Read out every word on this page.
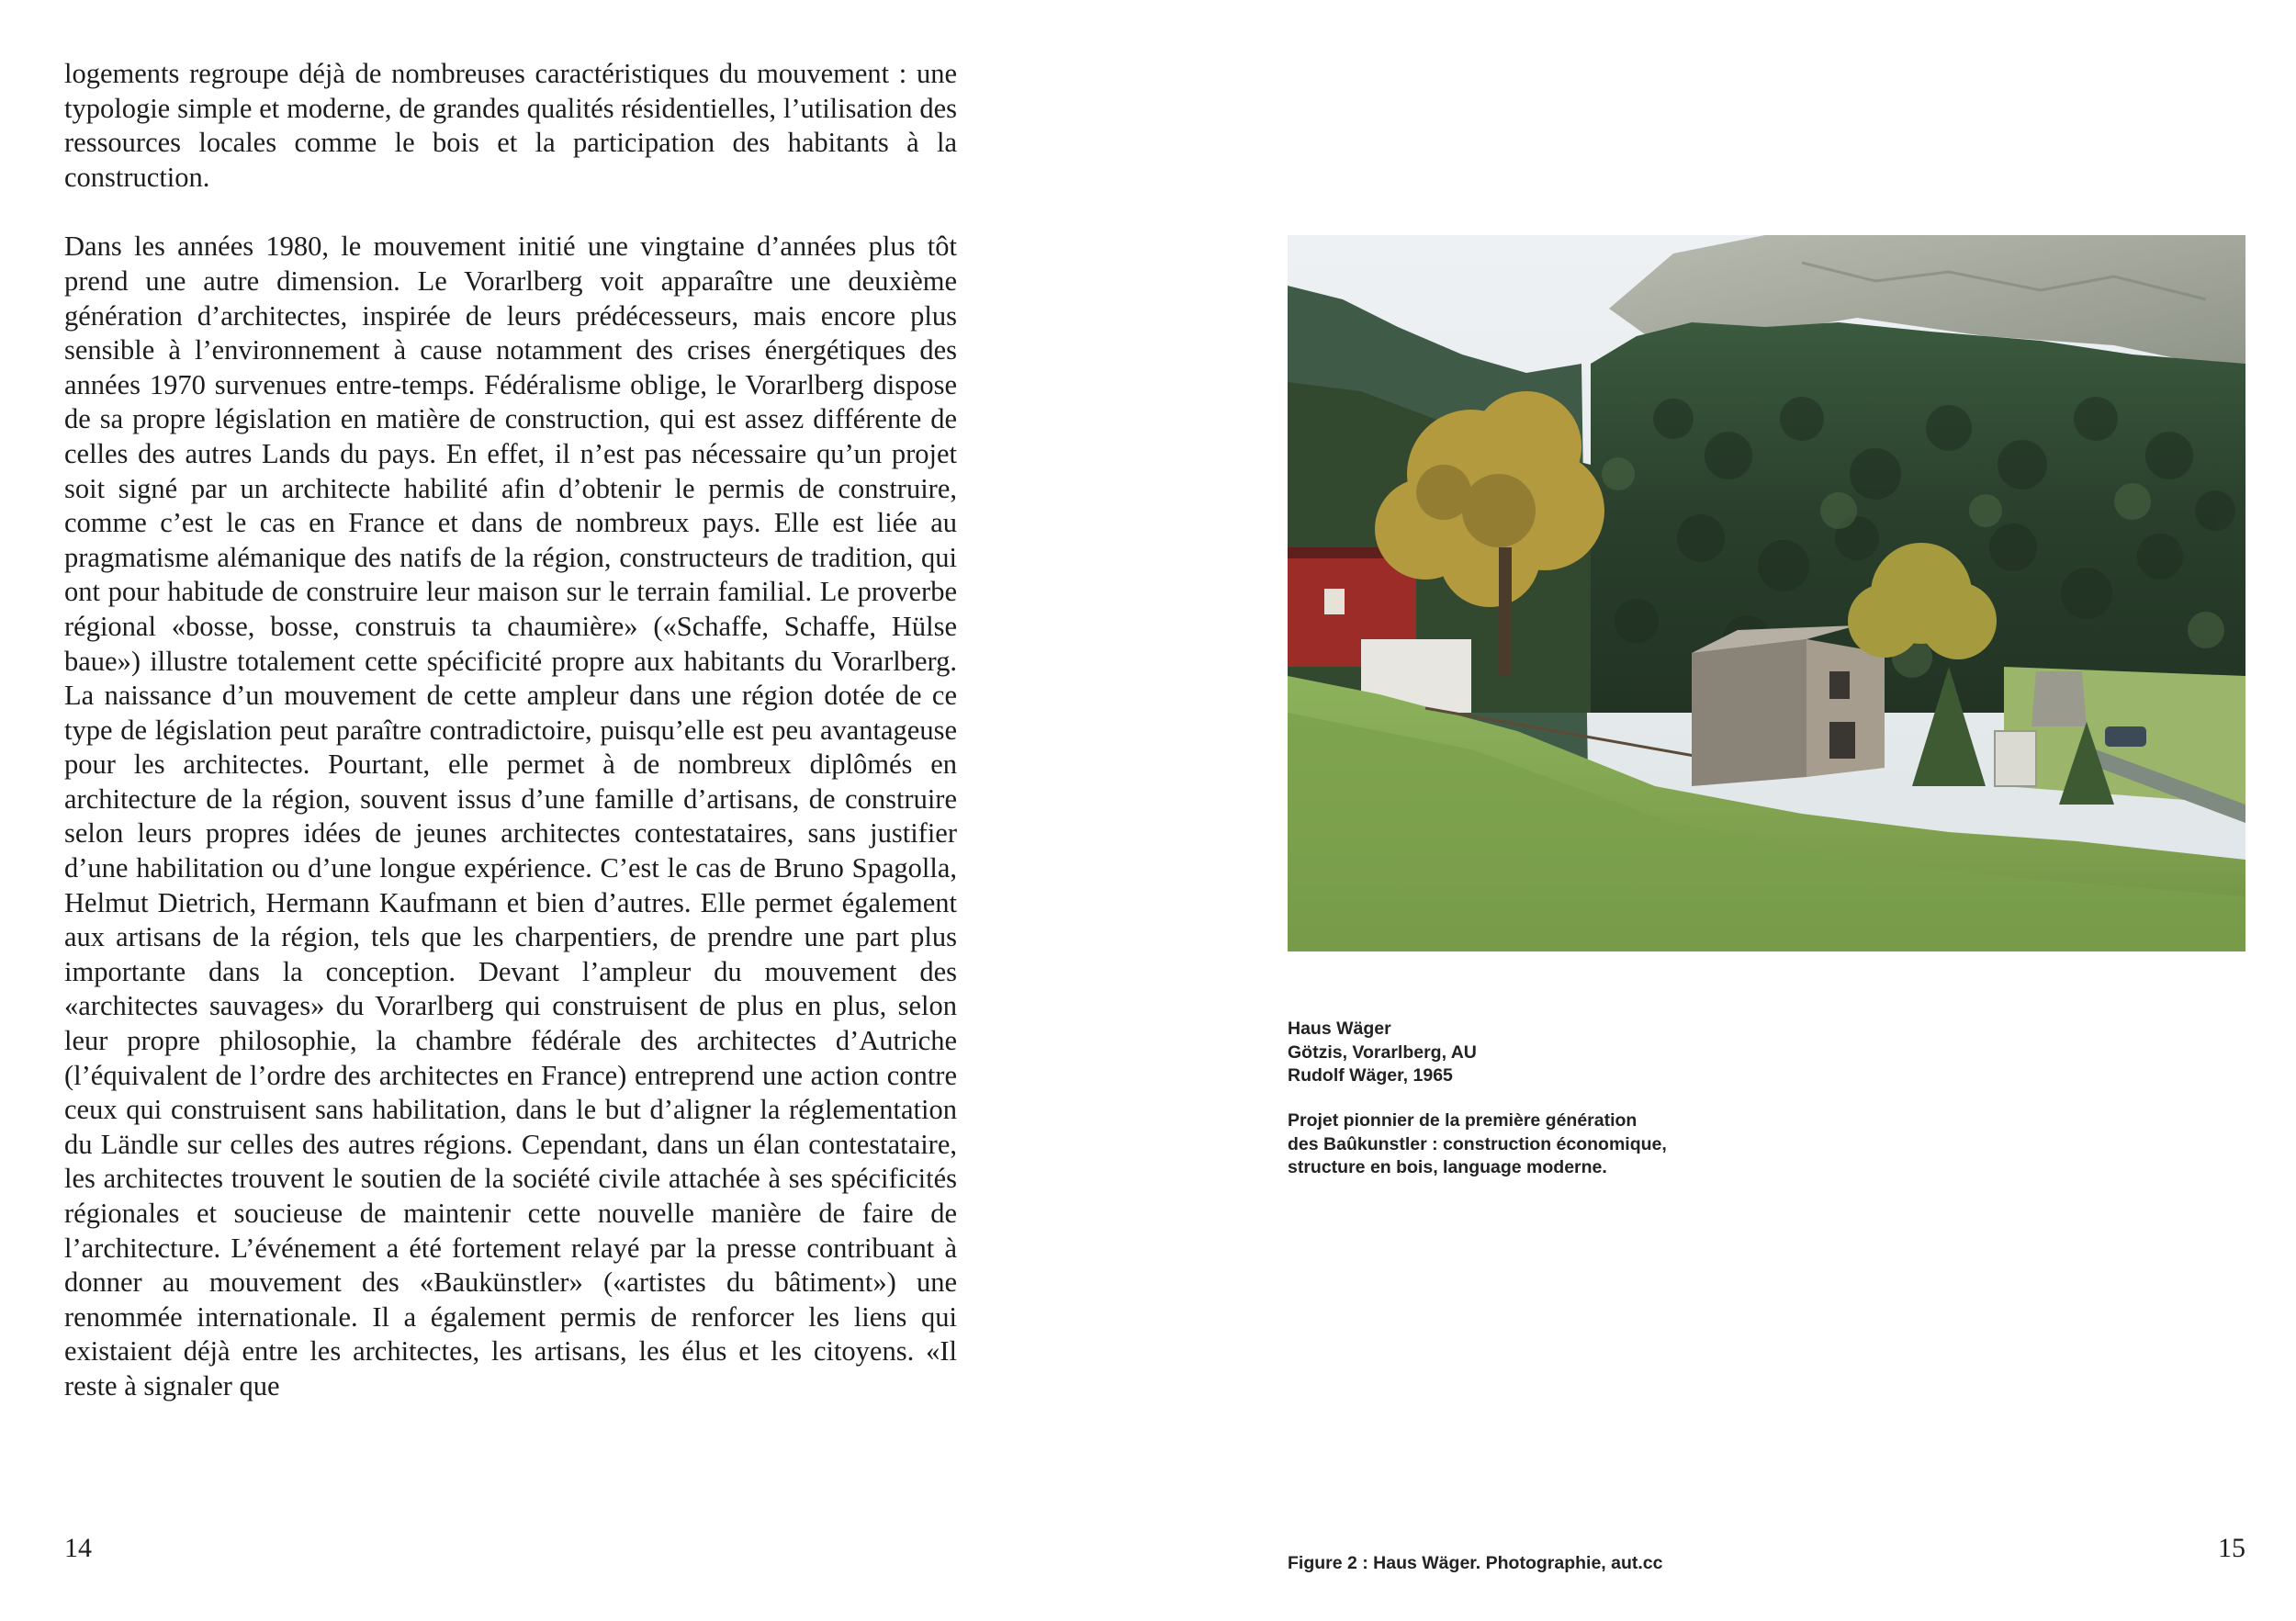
logements regroupe déjà de nombreuses caractéristiques du mouvement : une typologie simple et moderne, de grandes qualités résidentielles, l’utilisation des ressources locales comme le bois et la participation des habitants à la construction.

Dans les années 1980, le mouvement initié une vingtaine d’années plus tôt prend une autre dimension. Le Vorarlberg voit apparaître une deuxième génération d’architectes, inspirée de leurs prédécesseurs, mais encore plus sensible à l’environnement à cause notamment des crises énergétiques des années 1970 survenues entre-temps. Fédéralisme oblige, le Vorarlberg dispose de sa propre législation en matière de construction, qui est assez différente de celles des autres Lands du pays. En effet, il n’est pas nécessaire qu’un projet soit signé par un architecte habilité afin d’obtenir le permis de construire, comme c’est le cas en France et dans de nombreux pays. Elle est liée au pragmatisme alémanique des natifs de la région, constructeurs de tradition, qui ont pour habitude de construire leur maison sur le terrain familial. Le proverbe régional «bosse, bosse, construis ta chaumière» («Schaffe, Schaffe, Hülse baue») illustre totalement cette spécificité propre aux habitants du Vorarlberg. La naissance d’un mouvement de cette ampleur dans une région dotée de ce type de législation peut paraître contradictoire, puisqu’elle est peu avantageuse pour les architectes. Pourtant, elle permet à de nombreux diplômés en architecture de la région, souvent issus d’une famille d’artisans, de construire selon leurs propres idées de jeunes architectes contestataires, sans justifier d’une habilitation ou d’une longue expérience. C’est le cas de Bruno Spagolla, Helmut Dietrich, Hermann Kaufmann et bien d’autres. Elle permet également aux artisans de la région, tels que les charpentiers, de prendre une part plus importante dans la conception. Devant l’ampleur du mouvement des «architectes sauvages» du Vorarlberg qui construisent de plus en plus, selon leur propre philosophie, la chambre fédérale des architectes d’Autriche (l’équivalent de l’ordre des architectes en France) entreprend une action contre ceux qui construisent sans habilitation, dans le but d’aligner la réglementation du Ländle sur celles des autres régions. Cependant, dans un élan contestataire, les architectes trouvent le soutien de la société civile attachée à ses spécificités régionales et soucieuse de maintenir cette nouvelle manière de faire de l’architecture. L’événement a été fortement relayé par la presse contribuant à donner au mouvement des «Baukünstler» («artistes du bâtiment») une renommée internationale. Il a également permis de renforcer les liens qui existaient déjà entre les architectes, les artisans, les élus et les citoyens. «Il reste à signaler que

14
Haus Wäger
Götzis, Vorarlberg, AU
Rudolf Wäger, 1965
Projet pionnier de la première génération
des Baûkunstler : construction économique,
structure en bois, language moderne.
Figure 2 : Haus Wäger. Photographie, aut.cc	15
